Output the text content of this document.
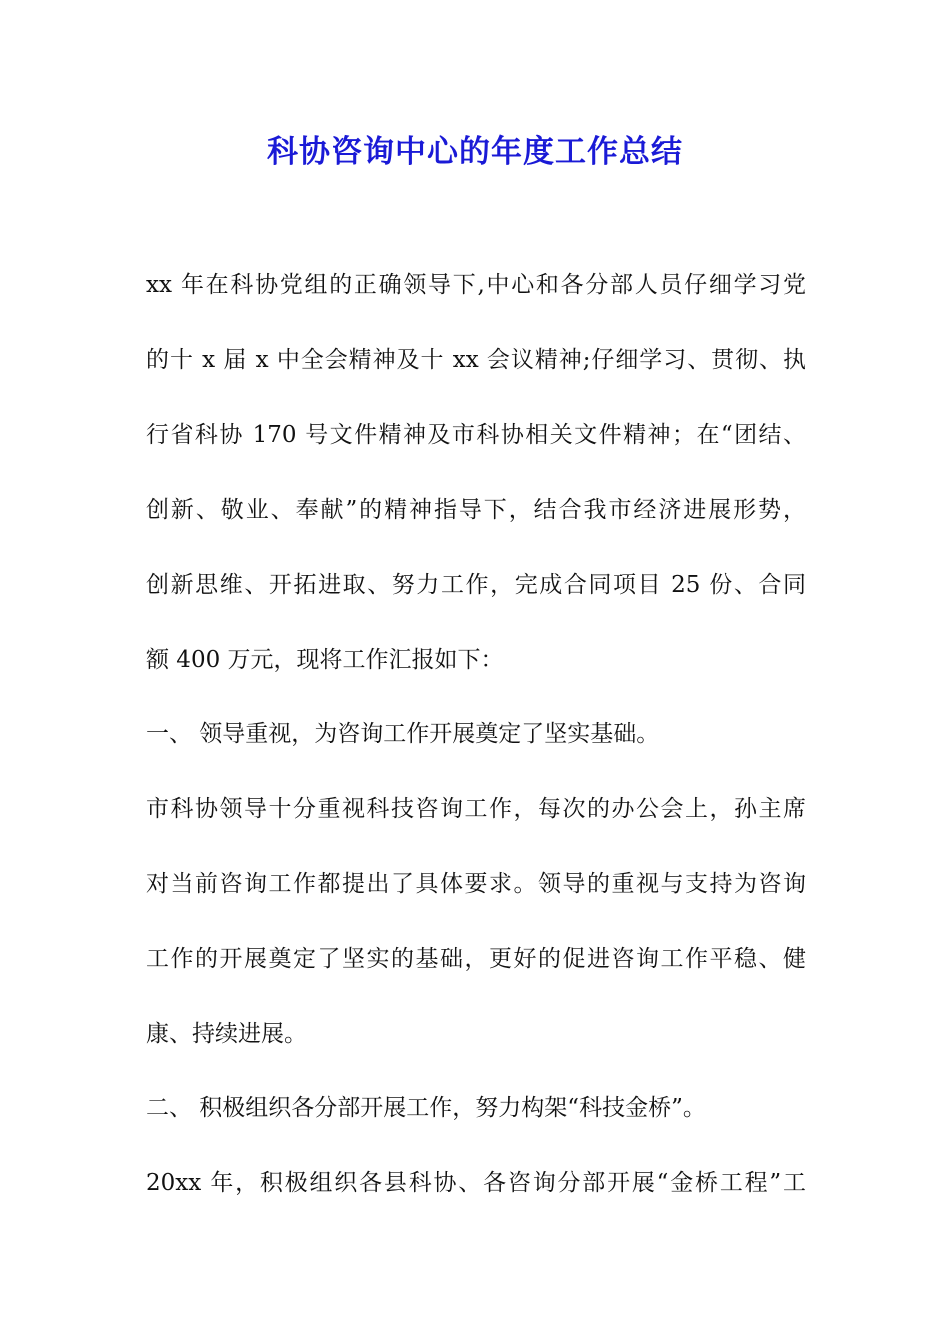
科协咨询中心的年度工作总结
xx 年在科协党组的正确领导下,中心和各分部人员仔细学习党
的十 x 届 x 中全会精神及十 xx 会议精神;仔细学习、贯彻、执
行省科协 170 号文件精神及市科协相关文件精神；在“团结、
创新、敬业、奉献”的精神指导下，结合我市经济进展形势，
创新思维、开拓进取、努力工作，完成合同项目 25 份、合同
额 400 万元，现将工作汇报如下：
一、 领导重视，为咨询工作开展奠定了坚实基础。
市科协领导十分重视科技咨询工作，每次的办公会上，孙主席
对当前咨询工作都提出了具体要求。领导的重视与支持为咨询
工作的开展奠定了坚实的基础，更好的促进咨询工作平稳、健
康、持续进展。
二、 积极组织各分部开展工作，努力构架“科技金桥”。
20xx 年，积极组织各县科协、各咨询分部开展“金桥工程”工
